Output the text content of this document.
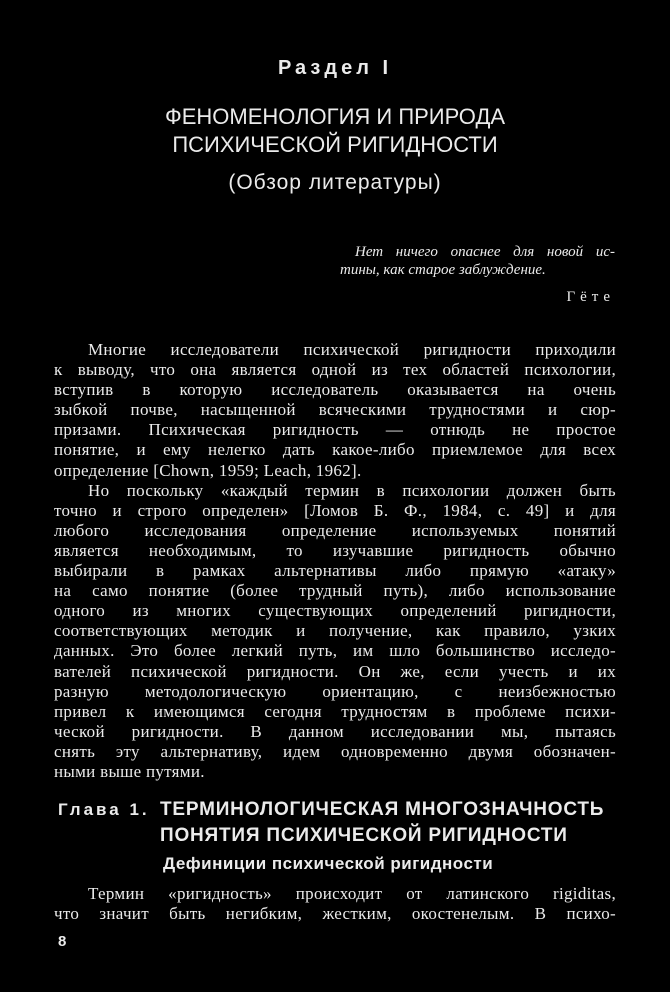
Раздел I
ФЕНОМЕНОЛОГИЯ И ПРИРОДА
ПСИХИЧЕСКОЙ РИГИДНОСТИ
(Обзор литературы)
Нет ничего опаснее для новой ис-
тины, как старое заблуждение.
Гёте
Многие исследователи психической ригидности приходили
к выводу, что она является одной из тех областей психологии,
вступив в которую исследователь оказывается на очень
зыбкой почве, насыщенной всяческими трудностями и сюр-
призами. Психическая ригидность — отнюдь не простое
понятие, и ему нелегко дать какое-либо приемлемое для всех
определение [Chown, 1959; Leach, 1962].
Но поскольку «каждый термин в психологии должен быть
точно и строго определен» [Ломов Б. Ф., 1984, с. 49] и для
любого исследования определение используемых понятий
является необходимым, то изучавшие ригидность обычно
выбирали в рамках альтернативы либо прямую «атаку»
на само понятие (более трудный путь), либо использование
одного из многих существующих определений ригидности,
соответствующих методик и получение, как правило, узких
данных. Это более легкий путь, им шло большинство исследо-
вателей психической ригидности. Он же, если учесть и их
разную методологическую ориентацию, с неизбежностью
привел к имеющимся сегодня трудностям в проблеме психи-
ческой ригидности. В данном исследовании мы, пытаясь
снять эту альтернативу, идем одновременно двумя обозначен-
ными выше путями.
Глава 1. ТЕРМИНОЛОГИЧЕСКАЯ МНОГОЗНАЧНОСТЬ
ПОНЯТИЯ ПСИХИЧЕСКОЙ РИГИДНОСТИ
Дефиниции психической ригидности
Термин «ригидность» происходит от латинского rigiditas,
что значит быть негибким, жестким, окостенелым. В психо-
8
